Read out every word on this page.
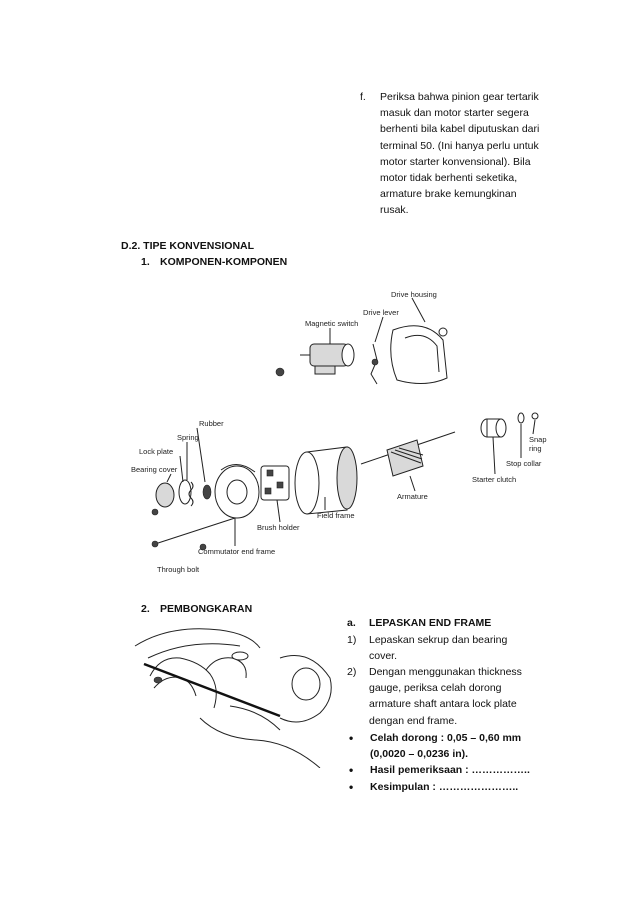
f. Periksa bahwa pinion gear tertarik
masuk dan motor starter segera
berhenti bila kabel diputuskan dari
terminal 50. (Ini hanya perlu untuk
motor starter konvensional). Bila
motor tidak berhenti seketika,
armature brake kemungkinan
rusak.
D.2. TIPE KONVENSIONAL
1. KOMPONEN-KOMPONEN
Drive housing
Drive lever
Magnetic switch
Rubber
Spring
Lock plate
Bearing cover
Brush holder
Commutator end frame
Through bolt
Field frame
Armature
Starter clutch
Stop collar
Snap
ring
2. PEMBONGKARAN
a. LEPASKAN END FRAME
1) Lepaskan sekrup dan bearing
cover.
2) Dengan menggunakan thickness
gauge, periksa celah dorong
armature shaft antara lock plate
dengan end frame.
• Celah dorong : 0,05 – 0,60 mm
(0,0020 – 0,0236 in).
• Hasil pemeriksaan : ……………..
• Kesimpulan : …………………..
